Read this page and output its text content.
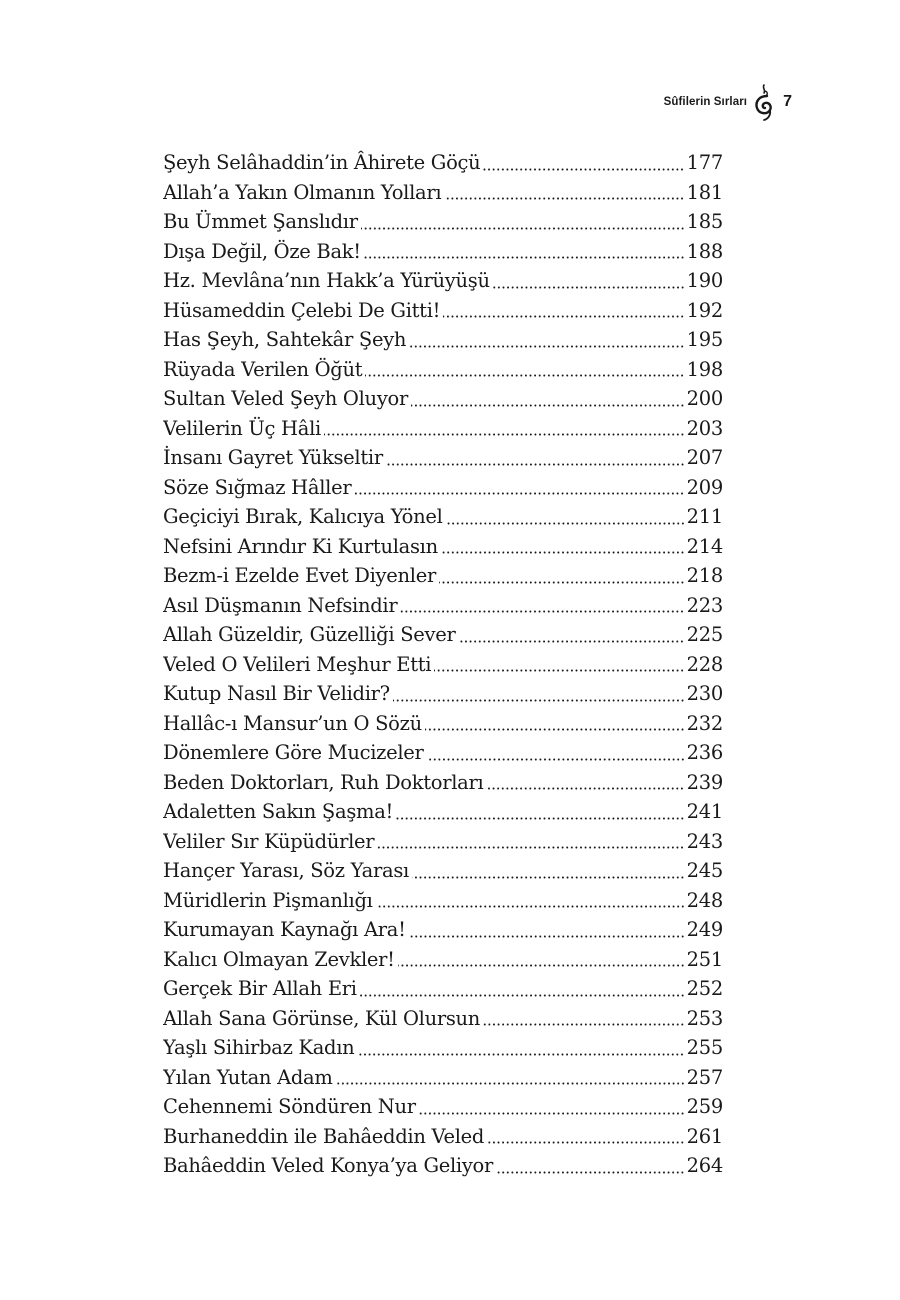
Sûfilerin Sırları 7
Şeyh Selâhaddin’in Âhirete Göçü	177
Allah’a Yakın Olmanın Yolları	181
Bu Ümmet Şanslıdır	185
Dışa Değil, Öze Bak!	188
Hz. Mevlâna’nın Hakk’a Yürüyüşü	190
Hüsameddin Çelebi De Gitti!	192
Has Şeyh, Sahtekâr Şeyh	195
Rüyada Verilen Öğüt	198
Sultan Veled Şeyh Oluyor	200
Velilerin Üç Hâli	203
İnsanı Gayret Yükseltir	207
Söze Sığmaz Hâller	209
Geçiciyi Bırak, Kalıcıya Yönel	211
Nefsini Arındır Ki Kurtulasın	214
Bezm-i Ezelde Evet Diyenler	218
Asıl Düşmanın Nefsindir	223
Allah Güzeldir, Güzelliği Sever	225
Veled O Velileri Meşhur Etti	228
Kutup Nasıl Bir Velidir?	230
Hallâc-ı Mansur’un O Sözü	232
Dönemlere Göre Mucizeler	236
Beden Doktorları, Ruh Doktorları	239
Adaletten Sakın Şaşma!	241
Veliler Sır Küpüdürler	243
Hançer Yarası, Söz Yarası	245
Müridlerin Pişmanlığı	248
Kurumayan Kaynağı Ara!	249
Kalıcı Olmayan Zevkler!	251
Gerçek Bir Allah Eri	252
Allah Sana Görünse, Kül Olursun	253
Yaşlı Sihirbaz Kadın	255
Yılan Yutan Adam	257
Cehennemi Söndüren Nur	259
Burhaneddin ile Bahâeddin Veled	261
Bahâeddin Veled Konya’ya Geliyor	264
